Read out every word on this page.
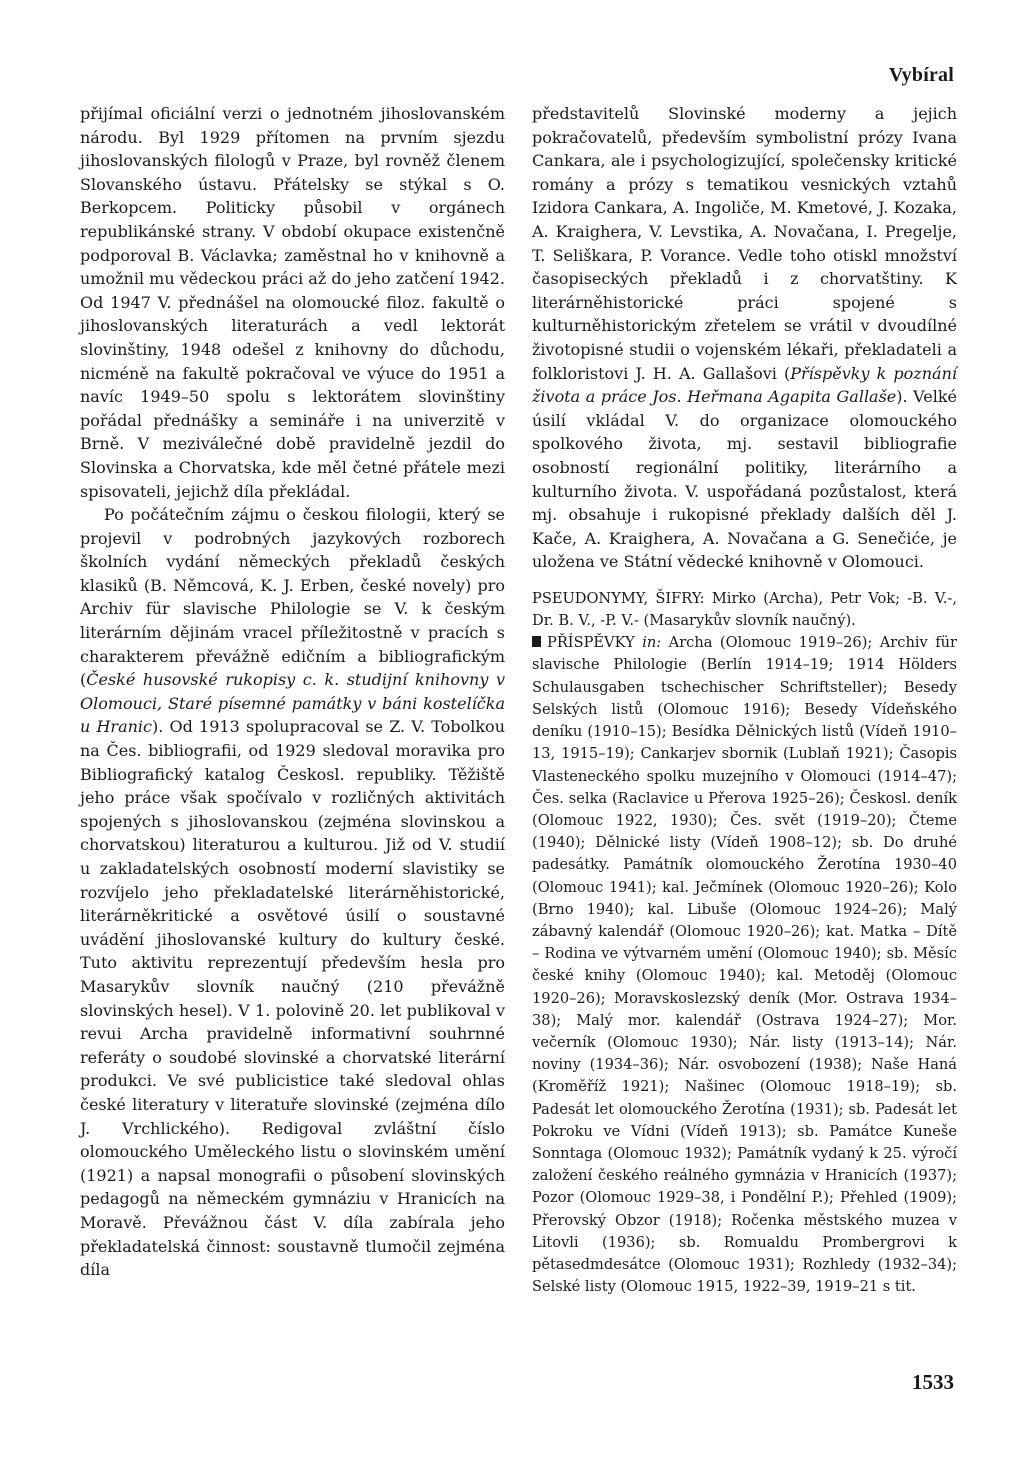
Vybíral

přijímal oficiální verzi o jednotném jihoslovanském národu. Byl 1929 přítomen na prvním sjezdu jihoslovanských filologů v Praze, byl rovněž členem Slovanského ústavu. Přátelsky se stýkal s O. Berkopcem. Politicky působil v orgánech republikánské strany. V období okupace existenčně podporoval B. Václavka; zaměstnal ho v knihovně a umožnil mu vědeckou práci až do jeho zatčení 1942. Od 1947 V. přednášel na olomoucké filoz. fakultě o jihoslovanských literaturách a vedl lektorát slovinštiny, 1948 odešel z knihovny do důchodu, nicméně na fakultě pokračoval ve výuce do 1951 a navíc 1949–50 spolu s lektorátem slovinštiny pořádal přednášky a semináře i na univerzitě v Brně. V meziválečné době pravidelně jezdil do Slovinska a Chorvatska, kde měl četné přátele mezi spisovateli, jejichž díla překládal.

Po počátečním zájmu o českou filologii, který se projevil v podrobných jazykových rozborech školních vydání německých překladů českých klasiků (B. Němcová, K. J. Erben, české novely) pro Archiv für slavische Philologie se V. k českým literárním dějinám vracel příležitostně v pracích s charakterem převážně edičním a bibliografickým (České husovské rukopisy c. k. studijní knihovny v Olomouci, Staré písemné památky v báni kostelíčka u Hranic). Od 1913 spolupracoval se Z. V. Tobolkou na Čes. bibliografii, od 1929 sledoval moravika pro Bibliografický katalog Českosl. republiky. Těžiště jeho práce však spočívalo v rozličných aktivitách spojených s jihoslovanskou (zejména slovinskou a chorvatskou) literaturou a kulturou. Již od V. studií u zakladatelských osobností moderní slavistiky se rozvíjelo jeho překladatelské literárněhistorické, literárněkritické a osvětové úsilí o soustavné uvádění jihoslovanské kultury do kultury české. Tuto aktivitu reprezentují především hesla pro Masarykův slovník naučný (210 převážně slovinských hesel). V 1. polovině 20. let publikoval v revui Archa pravidelně informativní souhrnné referáty o soudobé slovinské a chorvatské literární produkci. Ve své publicistice také sledoval ohlas české literatury v literatuře slovinské (zejména dílo J. Vrchlického). Redigoval zvláštní číslo olomouckého Uměleckého listu o slovinském umění (1921) a napsal monografii o působení slovinských pedagogů na německém gymnáziu v Hranicích na Moravě. Převážnou část V. díla zabírala jeho překladatelská činnost: soustavně tlumočil zejména díla

představitelů Slovinské moderny a jejich pokračovatelů, především symbolistní prózy Ivana Cankara, ale i psychologizující, společensky kritické romány a prózy s tematikou vesnických vztahů Izidora Cankara, A. Ingoliče, M. Kmetové, J. Kozaka, A. Kraighera, V. Levstika, A. Novačana, I. Pregelje, T. Seliškara, P. Vorance. Vedle toho otiskl množství časopiseckých překladů i z chorvatštiny. K literárněhistorické práci spojené s kulturněhistorickým zřetelem se vrátil v dvoudílné životopisné studii o vojenském lékaři, překladateli a folkloristovi J. H. A. Gallašovi (Příspěvky k poznání života a práce Jos. Heřmana Agapita Gallaše). Velké úsilí vkládal V. do organizace olomouckého spolkového života, mj. sestavil bibliografie osobností regionální politiky, literárního a kulturního života. V. uspořádaná pozůstalost, která mj. obsahuje i rukopisné překlady dalších děl J. Kače, A. Kraighera, A. Novačana a G. Senečiće, je uložena ve Státní vědecké knihovně v Olomouci.

PSEUDONYMY, ŠIFRY: Mirko (Archa), Petr Vok; -B. V.-, Dr. B. V., -P. V.- (Masarykův slovník naučný).
PŘÍSPĚVKY in: Archa (Olomouc 1919–26); Archiv für slavische Philologie (Berlín 1914–19; 1914 Hölders Schulausgaben tschechischer Schriftsteller); Besedy Selských listů (Olomouc 1916); Besedy Vídeňského deníku (1910–15); Besídka Dělnických listů (Vídeň 1910–13, 1915–19); Cankarjev sbornik (Lublaň 1921); Časopis Vlasteneckého spolku muzejního v Olomouci (1914–47); Čes. selka (Raclavice u Přerova 1925–26); Českosl. deník (Olomouc 1922, 1930); Čes. svět (1919–20); Čteme (1940); Dělnické listy (Vídeň 1908–12); sb. Do druhé padesátky. Památník olomouckého Žerotína 1930–40 (Olomouc 1941); kal. Ječmínek (Olomouc 1920–26); Kolo (Brno 1940); kal. Libuše (Olomouc 1924–26); Malý zábavný kalendář (Olomouc 1920–26); kat. Matka – Dítě – Rodina ve výtvarném umění (Olomouc 1940); sb. Měsíc české knihy (Olomouc 1940); kal. Metoděj (Olomouc 1920–26); Moravskoslezský deník (Mor. Ostrava 1934–38); Malý mor. kalendář (Ostrava 1924–27); Mor. večerník (Olomouc 1930); Nár. listy (1913–14); Nár. noviny (1934–36); Nár. osvobození (1938); Naše Haná (Kroměříž 1921); Našinec (Olomouc 1918–19); sb. Padesát let olomouckého Žerotína (1931); sb. Padesát let Pokroku ve Vídni (Vídeň 1913); sb. Památce Kuneše Sonntaga (Olomouc 1932); Památník vydaný k 25. výročí založení českého reálného gymnázia v Hranicích (1937); Pozor (Olomouc 1929–38, i Pondělní P.); Přehled (1909); Přerovský Obzor (1918); Ročenka městského muzea v Litovli (1936); sb. Romualdu Prombergrovi k pětasedmdesátce (Olomouc 1931); Rozhledy (1932–34); Selské listy (Olomouc 1915, 1922–39, 1919–21 s tit.
1533
